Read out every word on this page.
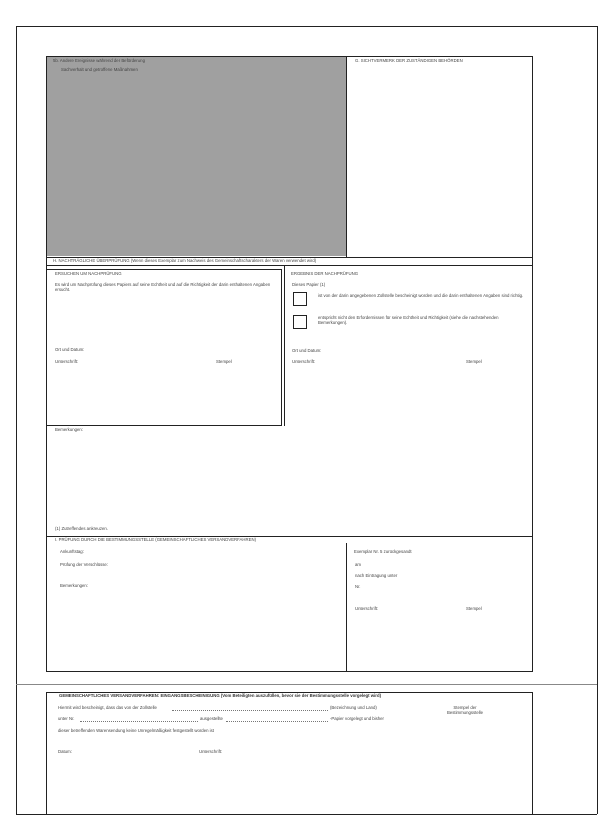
5b. Andere Ereignisse während der Beförderung
Sachverhalt und getroffene Maßnahmen
G. SICHTVERMERK DER ZUSTÄNDIGEN BEHÖRDEN
H. NACHTRÄGLICHE ÜBERPRÜFUNG (Wenn dieses Exemplar zum Nachweis des Gemeinschaftscharakters der Waren verwendet wird)
ERSUCHEN UM NACHPRÜFUNG
Es wird um Nachprüfung dieses Papiers auf seine Echtheit und auf die Richtigkeit der darin enthaltenen Angaben ersucht.
Ort und Datum:
Unterschrift:	Stempel
ERGEBNIS DER NACHPRÜFUNG
Dieses Papier (1)
ist von der darin angegebenen Zollstelle bescheinigt worden und die darin enthaltenen Angaben sind richtig.
entspricht nicht den Erfordernissen für seine Echtheit und Richtigkeit (siehe die nachstehenden Bemerkungen).
Ort und Datum:
Unterschrift:	Stempel
Bemerkungen:
(1) Zutreffendes ankreuzen.
I. PRÜFUNG DURCH DIE BESTIMMUNGSSTELLE (GEMEINSCHAFTLICHES VERSANDVERFAHREN)
Ankunftstag:
Prüfung der Verschlüsse:
Bemerkungen:
Exemplar Nr. 5 zurückgesandt
am
nach Eintragung unter
Nr.
Unterschrift:	Stempel
GEMEINSCHAFTLICHES VERSANDVERFAHREN: EINGANGSBESCHEINIGUNG (Vom Beteiligten auszufüllen, bevor sie der Bestimmungsstelle vorgelegt wird)
Hiermit wird bescheinigt, dass das von der Zollstelle	(Bezeichnung und Land)
unter Nr.	ausgestellte	-Papier vorgelegt und bisher
dieser betreffenden Warensendung keine Unregelmäßigkeit festgestellt worden ist
Stempel der Bestimmungsstelle
Datum:	Unterschrift:
